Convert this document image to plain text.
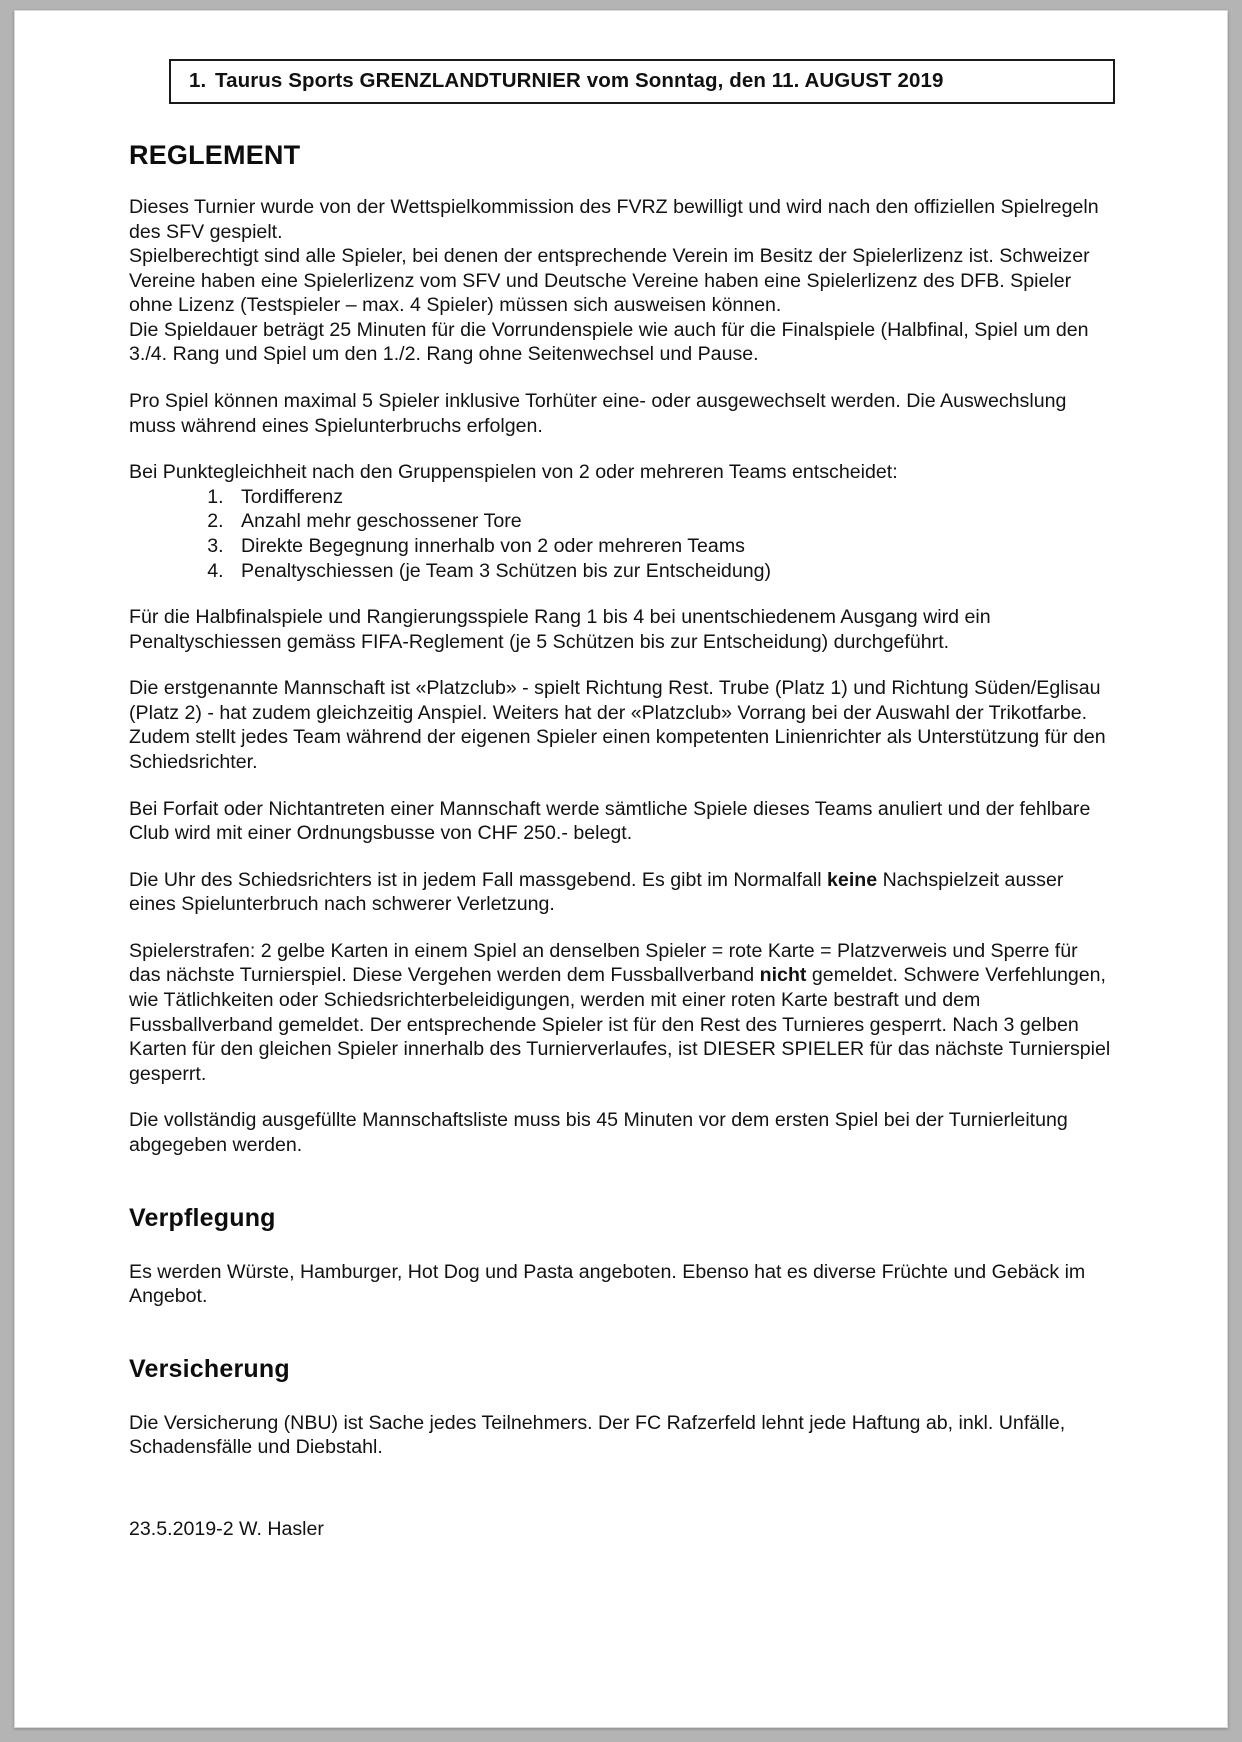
1. Taurus Sports GRENZLANDTURNIER vom Sonntag, den 11. AUGUST 2019
REGLEMENT

Dieses Turnier wurde von der Wettspielkommission des FVRZ bewilligt und wird nach den offiziellen Spielregeln des SFV gespielt.

Spielberechtigt sind alle Spieler, bei denen der entsprechende Verein im Besitz der Spielerlizenz ist. Schweizer Vereine haben eine Spielerlizenz vom SFV und Deutsche Vereine haben eine Spielerlizenz des DFB. Spieler ohne Lizenz (Testspieler – max. 4 Spieler) müssen sich ausweisen können.

Die Spieldauer beträgt 25 Minuten für die Vorrundenspiele wie auch für die Finalspiele (Halbfinal, Spiel um den 3./4. Rang und Spiel um den 1./2. Rang ohne Seitenwechsel und Pause.

Pro Spiel können maximal 5 Spieler inklusive Torhüter eine- oder ausgewechselt werden. Die Auswechslung muss während eines Spielunterbruchs erfolgen.

Bei Punktegleichheit nach den Gruppenspielen von 2 oder mehreren Teams entscheidet:

1. Tordifferenz
2. Anzahl mehr geschossener Tore
3. Direkte Begegnung innerhalb von 2 oder mehreren Teams
4. Penaltyschiessen (je Team 3 Schützen bis zur Entscheidung)

Für die Halbfinalspiele und Rangierungsspiele Rang 1 bis 4 bei unentschiedenem Ausgang wird ein Penaltyschiessen gemäss FIFA-Reglement (je 5 Schützen bis zur Entscheidung) durchgeführt.

Die erstgenannte Mannschaft ist «Platzclub» - spielt Richtung Rest. Trube (Platz 1) und Richtung Süden/Eglisau (Platz 2) - hat zudem gleichzeitig Anspiel. Weiters hat der «Platzclub» Vorrang bei der Auswahl der Trikotfarbe. Zudem stellt jedes Team während der eigenen Spieler einen kompetenten Linienrichter als Unterstützung für den Schiedsrichter.

Bei Forfait oder Nichtantreten einer Mannschaft werde sämtliche Spiele dieses Teams anuliert und der fehlbare Club wird mit einer Ordnungsbusse von CHF 250.- belegt.

Die Uhr des Schiedsrichters ist in jedem Fall massgebend. Es gibt im Normalfall keine Nachspielzeit ausser eines Spielunterbruch nach schwerer Verletzung.

Spielerstrafen: 2 gelbe Karten in einem Spiel an denselben Spieler = rote Karte = Platzverweis und Sperre für das nächste Turnierspiel. Diese Vergehen werden dem Fussballverband nicht gemeldet. Schwere Verfehlungen, wie Tätlichkeiten oder Schiedsrichterbeleidigungen, werden mit einer roten Karte bestraft und dem Fussballverband gemeldet. Der entsprechende Spieler ist für den Rest des Turnieres gesperrt. Nach 3 gelben Karten für den gleichen Spieler innerhalb des Turnierverlaufes, ist DIESER SPIELER für das nächste Turnierspiel gesperrt.

Die vollständig ausgefüllte Mannschaftsliste muss bis 45 Minuten vor dem ersten Spiel bei der Turnierleitung abgegeben werden.

Verpflegung

Es werden Würste, Hamburger, Hot Dog und Pasta angeboten. Ebenso hat es diverse Früchte und Gebäck im Angebot.

Versicherung

Die Versicherung (NBU) ist Sache jedes Teilnehmers. Der FC Rafzerfeld lehnt jede Haftung ab, inkl. Unfälle, Schadensfälle und Diebstahl.

23.5.2019-2 W. Hasler
